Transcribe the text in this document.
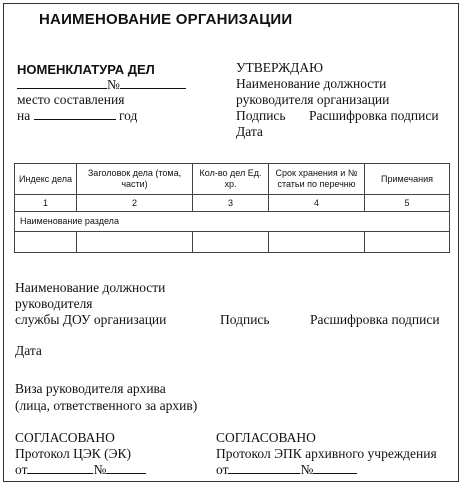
НАИМЕНОВАНИЕ ОРГАНИЗАЦИИ
НОМЕНКЛАТУРА ДЕЛ
№
место составления
на	год
УТВЕРЖДАЮ
Наименование должности
руководителя организации
Подпись Расшифровка подписи
Дата
Индекс дела	Заголовок дела (тома, части)	Кол-во дел Ед. хр.	Срок хранения и № статьи по перечню	Примечания
1	2	3	4	5
Наименование раздела				

Наименование должности
руководителя
службы ДОУ организации	Подпись	Расшифровка подписи
Дата
Виза руководителя архива
(лица, ответственного за архив)
СОГЛАСОВАНО
Протокол ЦЭК (ЭК)
от	№
СОГЛАСОВАНО
Протокол ЭПК архивного учреждения
от	№
